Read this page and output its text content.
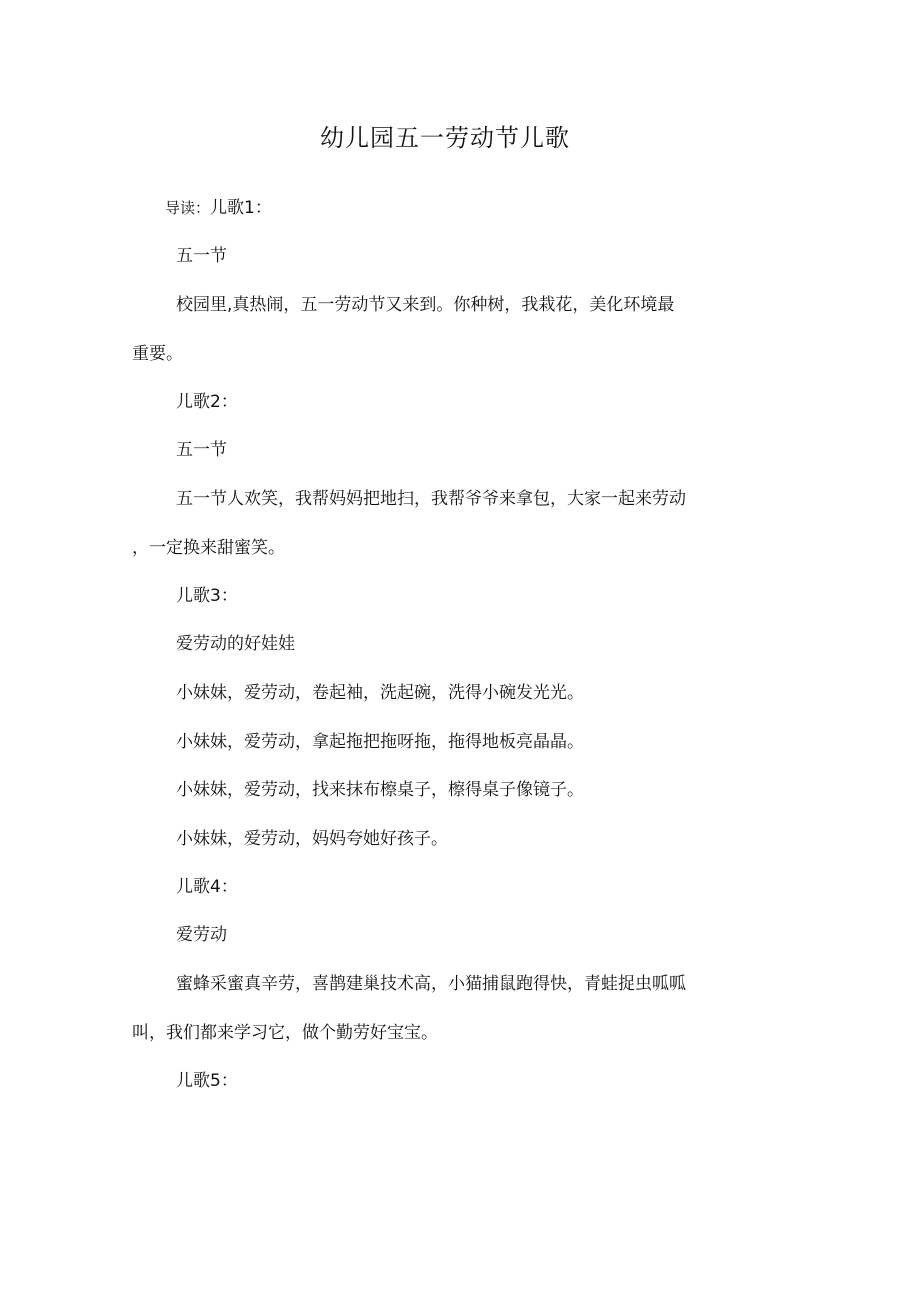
幼儿园五一劳动节儿歌
导读：儿歌1：
五一节
校园里,真热闹，五一劳动节又来到。你种树，我栽花，美化环境最
重要。
儿歌2：
五一节
五一节人欢笑，我帮妈妈把地扫，我帮爷爷来拿包，大家一起来劳动
，一定换来甜蜜笑。
儿歌3：
爱劳动的好娃娃
小妹妹，爱劳动，卷起袖，洗起碗，洗得小碗发光光。
小妹妹，爱劳动，拿起拖把拖呀拖，拖得地板亮晶晶。
小妹妹，爱劳动，找来抹布檫桌子，檫得桌子像镜子。
小妹妹，爱劳动，妈妈夸她好孩子。
儿歌4：
爱劳动
蜜蜂采蜜真辛劳，喜鹊建巢技术高，小猫捕鼠跑得快，青蛙捉虫呱呱
叫，我们都来学习它，做个勤劳好宝宝。
儿歌5：
